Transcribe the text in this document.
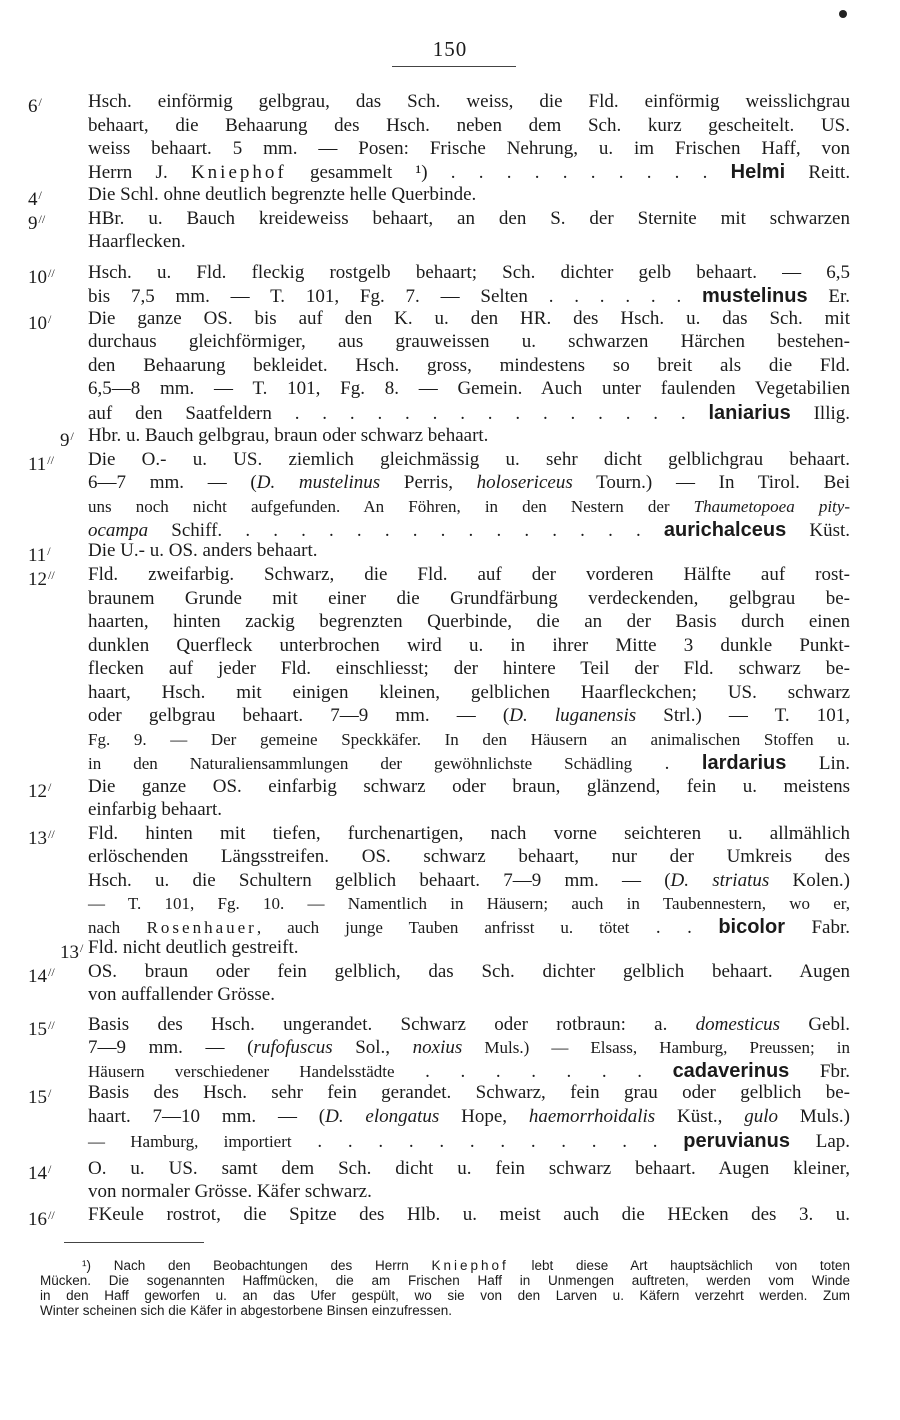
150
6/
4/
9//
10//
10/
9/
11//
11/
12//
12/
13//
13/
14//
15//
15/
14/
16//
Hsch. einförmig gelbgrau, das Sch. weiss, die Fld. einförmig weisslichgrau
behaart, die Behaarung des Hsch. neben dem Sch. kurz gescheitelt. US.
weiss behaart. 5 mm. — Posen: Frische Nehrung, u. im Frischen Haff, von
Herrn J. Kniephof gesammelt ¹) . . . . . . . . . . Helmi Reitt.
Die Schl. ohne deutlich begrenzte helle Querbinde.
HBr. u. Bauch kreideweiss behaart, an den S. der Sternite mit schwarzen
Haarflecken.
Hsch. u. Fld. fleckig rostgelb behaart; Sch. dichter gelb behaart. — 6,5
bis 7,5 mm. — T. 101, Fg. 7. — Selten . . . . . . mustelinus Er.
Die ganze OS. bis auf den K. u. den HR. des Hsch. u. das Sch. mit
durchaus gleichförmiger, aus grauweissen u. schwarzen Härchen bestehen-
den Behaarung bekleidet. Hsch. gross, mindestens so breit als die Fld.
6,5—8 mm. — T. 101, Fg. 8. — Gemein. Auch unter faulenden Vegetabilien
auf den Saatfeldern . . . . . . . . . . . . . . . laniarius Illig.
Hbr. u. Bauch gelbgrau, braun oder schwarz behaart.
Die O.- u. US. ziemlich gleichmässig u. sehr dicht gelblichgrau behaart.
6—7 mm. — (D. mustelinus Perris, holosericeus Tourn.) — In Tirol. Bei
uns noch nicht aufgefunden. An Föhren, in den Nestern der Thaumetopoea pity-
ocampa Schiff. . . . . . . . . . . . . . . . aurichalceus Küst.
Die U.- u. OS. anders behaart.
Fld. zweifarbig. Schwarz, die Fld. auf der vorderen Hälfte auf rost-
braunem Grunde mit einer die Grundfärbung verdeckenden, gelbgrau be-
haarten, hinten zackig begrenzten Querbinde, die an der Basis durch einen
dunklen Querfleck unterbrochen wird u. in ihrer Mitte 3 dunkle Punkt-
flecken auf jeder Fld. einschliesst; der hintere Teil der Fld. schwarz be-
haart, Hsch. mit einigen kleinen, gelblichen Haarfleckchen; US. schwarz
oder gelbgrau behaart. 7—9 mm. — (D. luganensis Strl.) — T. 101,
Fg. 9. — Der gemeine Speckkäfer. In den Häusern an animalischen Stoffen u.
in den Naturaliensammlungen der gewöhnlichste Schädling . lardarius Lin.
Die ganze OS. einfarbig schwarz oder braun, glänzend, fein u. meistens
einfarbig behaart.
Fld. hinten mit tiefen, furchenartigen, nach vorne seichteren u. allmählich
erlöschenden Längsstreifen. OS. schwarz behaart, nur der Umkreis des
Hsch. u. die Schultern gelblich behaart. 7—9 mm. — (D. striatus Kolen.)
— T. 101, Fg. 10. — Namentlich in Häusern; auch in Taubennestern, wo er,
nach Rosenhauer, auch junge Tauben anfrisst u. tötet . . bicolor Fabr.
Fld. nicht deutlich gestreift.
OS. braun oder fein gelblich, das Sch. dichter gelblich behaart. Augen
von auffallender Grösse.
Basis des Hsch. ungerandet. Schwarz oder rotbraun: a. domesticus Gebl.
7—9 mm. — (rufofuscus Sol., noxius Muls.) — Elsass, Hamburg, Preussen; in
Häusern verschiedener Handelsstädte . . . . . . . cadaverinus Fbr.
Basis des Hsch. sehr fein gerandet. Schwarz, fein grau oder gelblich be-
haart. 7—10 mm. — (D. elongatus Hope, haemorrhoidalis Küst., gulo Muls.)
— Hamburg, importiert . . . . . . . . . . . . peruvianus Lap.
O. u. US. samt dem Sch. dicht u. fein schwarz behaart. Augen kleiner,
von normaler Grösse. Käfer schwarz.
FKeule rostrot, die Spitze des Hlb. u. meist auch die HEcken des 3. u.
¹) Nach den Beobachtungen des Herrn Kniephof lebt diese Art hauptsächlich von toten
Mücken. Die sogenannten Haffmücken, die am Frischen Haff in Unmengen auftreten, werden vom Winde
in den Haff geworfen u. an das Ufer gespült, wo sie von den Larven u. Käfern verzehrt werden. Zum
Winter scheinen sich die Käfer in abgestorbene Binsen einzufressen.
